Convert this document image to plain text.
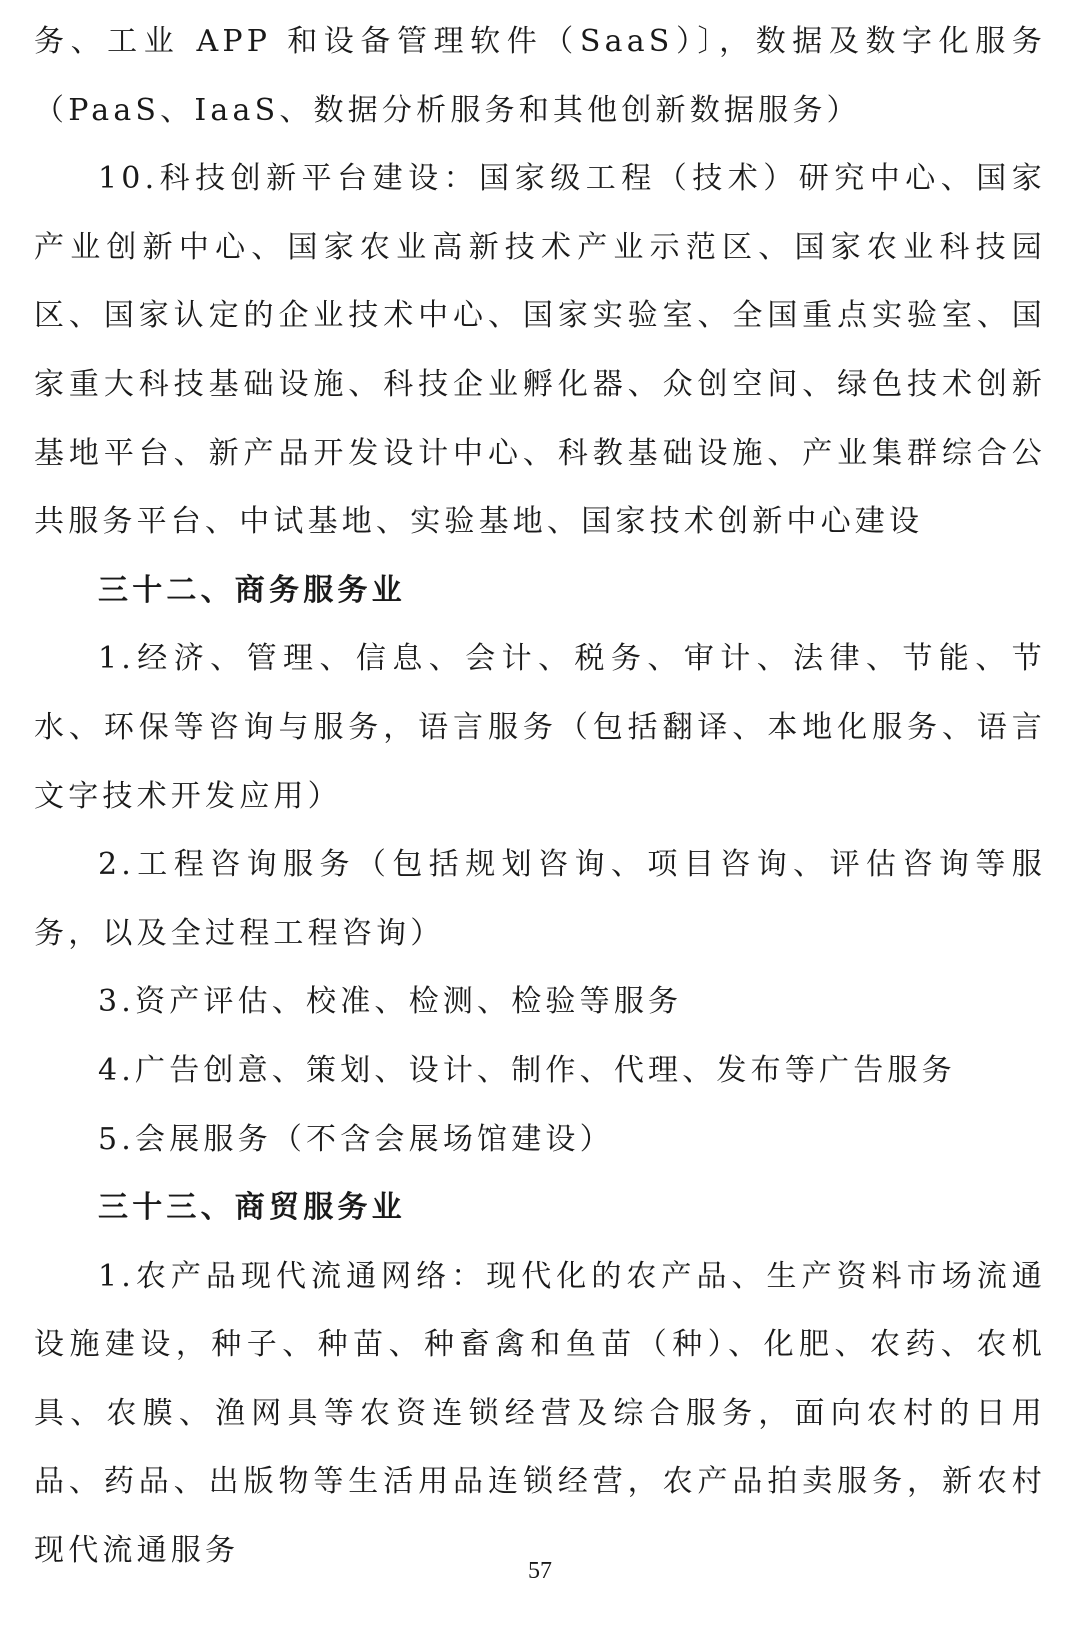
务、工业 APP 和设备管理软件（SaaS）〕，数据及数字化服务（PaaS、IaaS、数据分析服务和其他创新数据服务）

10.科技创新平台建设：国家级工程（技术）研究中心、国家产业创新中心、国家农业高新技术产业示范区、国家农业科技园区、国家认定的企业技术中心、国家实验室、全国重点实验室、国家重大科技基础设施、科技企业孵化器、众创空间、绿色技术创新基地平台、新产品开发设计中心、科教基础设施、产业集群综合公共服务平台、中试基地、实验基地、国家技术创新中心建设

三十二、商务服务业

1.经济、管理、信息、会计、税务、审计、法律、节能、节水、环保等咨询与服务，语言服务（包括翻译、本地化服务、语言文字技术开发应用）

2.工程咨询服务（包括规划咨询、项目咨询、评估咨询等服务，以及全过程工程咨询）

3.资产评估、校准、检测、检验等服务

4.广告创意、策划、设计、制作、代理、发布等广告服务

5.会展服务（不含会展场馆建设）

三十三、商贸服务业

1.农产品现代流通网络：现代化的农产品、生产资料市场流通设施建设，种子、种苗、种畜禽和鱼苗（种）、化肥、农药、农机具、农膜、渔网具等农资连锁经营及综合服务，面向农村的日用品、药品、出版物等生活用品连锁经营，农产品拍卖服务，新农村现代流通服务

57
